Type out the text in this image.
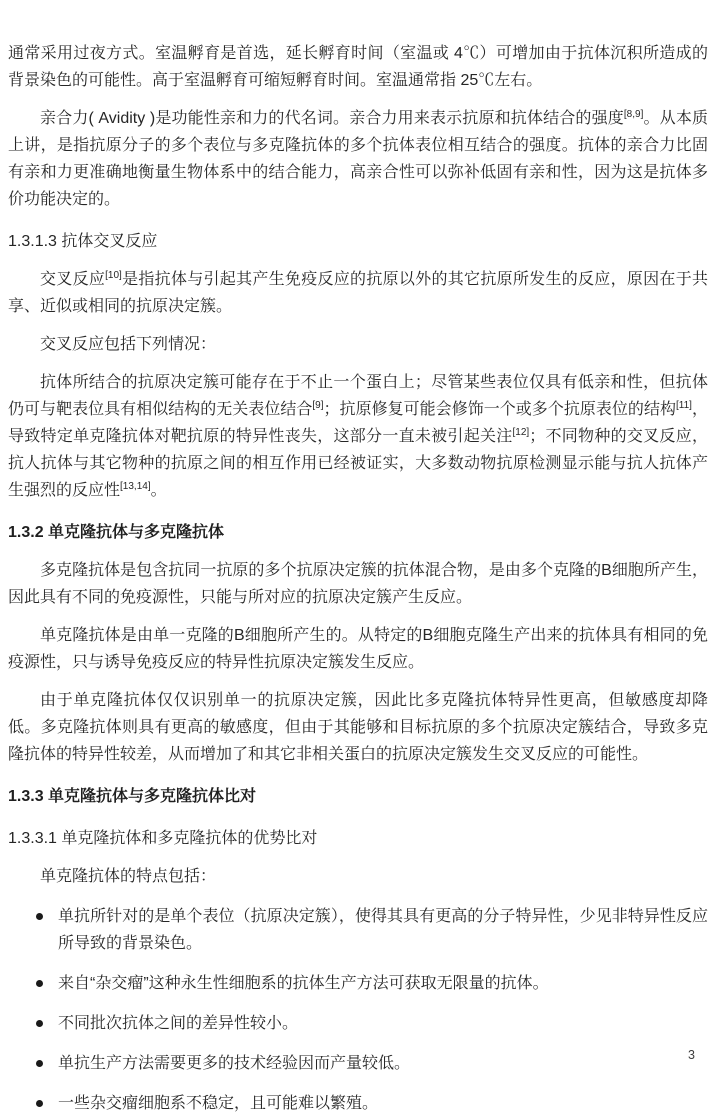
通常采用过夜方式。室温孵育是首选，延长孵育时间（室温或 4℃）可增加由于抗体沉积所造成的背景染色的可能性。高于室温孵育可缩短孵育时间。室温通常指 25℃左右。

亲合力( Avidity )是功能性亲和力的代名词。亲合力用来表示抗原和抗体结合的强度[8,9]。从本质上讲，是指抗原分子的多个表位与多克隆抗体的多个抗体表位相互结合的强度。抗体的亲合力比固有亲和力更准确地衡量生物体系中的结合能力，高亲合性可以弥补低固有亲和性，因为这是抗体多价功能决定的。

1.3.1.3 抗体交叉反应

交叉反应[10]是指抗体与引起其产生免疫反应的抗原以外的其它抗原所发生的反应，原因在于共享、近似或相同的抗原决定簇。

交叉反应包括下列情况：

抗体所结合的抗原决定簇可能存在于不止一个蛋白上；尽管某些表位仅具有低亲和性，但抗体仍可与靶表位具有相似结构的无关表位结合[9]；抗原修复可能会修饰一个或多个抗原表位的结构[11]，导致特定单克隆抗体对靶抗原的特异性丧失，这部分一直未被引起关注[12]；不同物种的交叉反应，抗人抗体与其它物种的抗原之间的相互作用已经被证实，大多数动物抗原检测显示能与抗人抗体产生强烈的反应性[13,14]。

1.3.2 单克隆抗体与多克隆抗体

多克隆抗体是包含抗同一抗原的多个抗原决定簇的抗体混合物，是由多个克隆的B细胞所产生，因此具有不同的免疫源性，只能与所对应的抗原决定簇产生反应。

单克隆抗体是由单一克隆的B细胞所产生的。从特定的B细胞克隆生产出来的抗体具有相同的免疫源性，只与诱导免疫反应的特异性抗原决定簇发生反应。

由于单克隆抗体仅仅识别单一的抗原决定簇，因此比多克隆抗体特异性更高，但敏感度却降低。多克隆抗体则具有更高的敏感度，但由于其能够和目标抗原的多个抗原决定簇结合，导致多克隆抗体的特异性较差，从而增加了和其它非相关蛋白的抗原决定簇发生交叉反应的可能性。

1.3.3 单克隆抗体与多克隆抗体比对
1.3.3.1 单克隆抗体和多克隆抗体的优势比对

单克隆抗体的特点包括：

单抗所针对的是单个表位（抗原决定簇），使得其具有更高的分子特异性，少见非特异性反应所导致的背景染色。
来自“杂交瘤”这种永生性细胞系的抗体生产方法可获取无限量的抗体。
不同批次抗体之间的差异性较小。
单抗生产方法需要更多的技术经验因而产量较低。
一些杂交瘤细胞系不稳定，且可能难以繁殖。
3
